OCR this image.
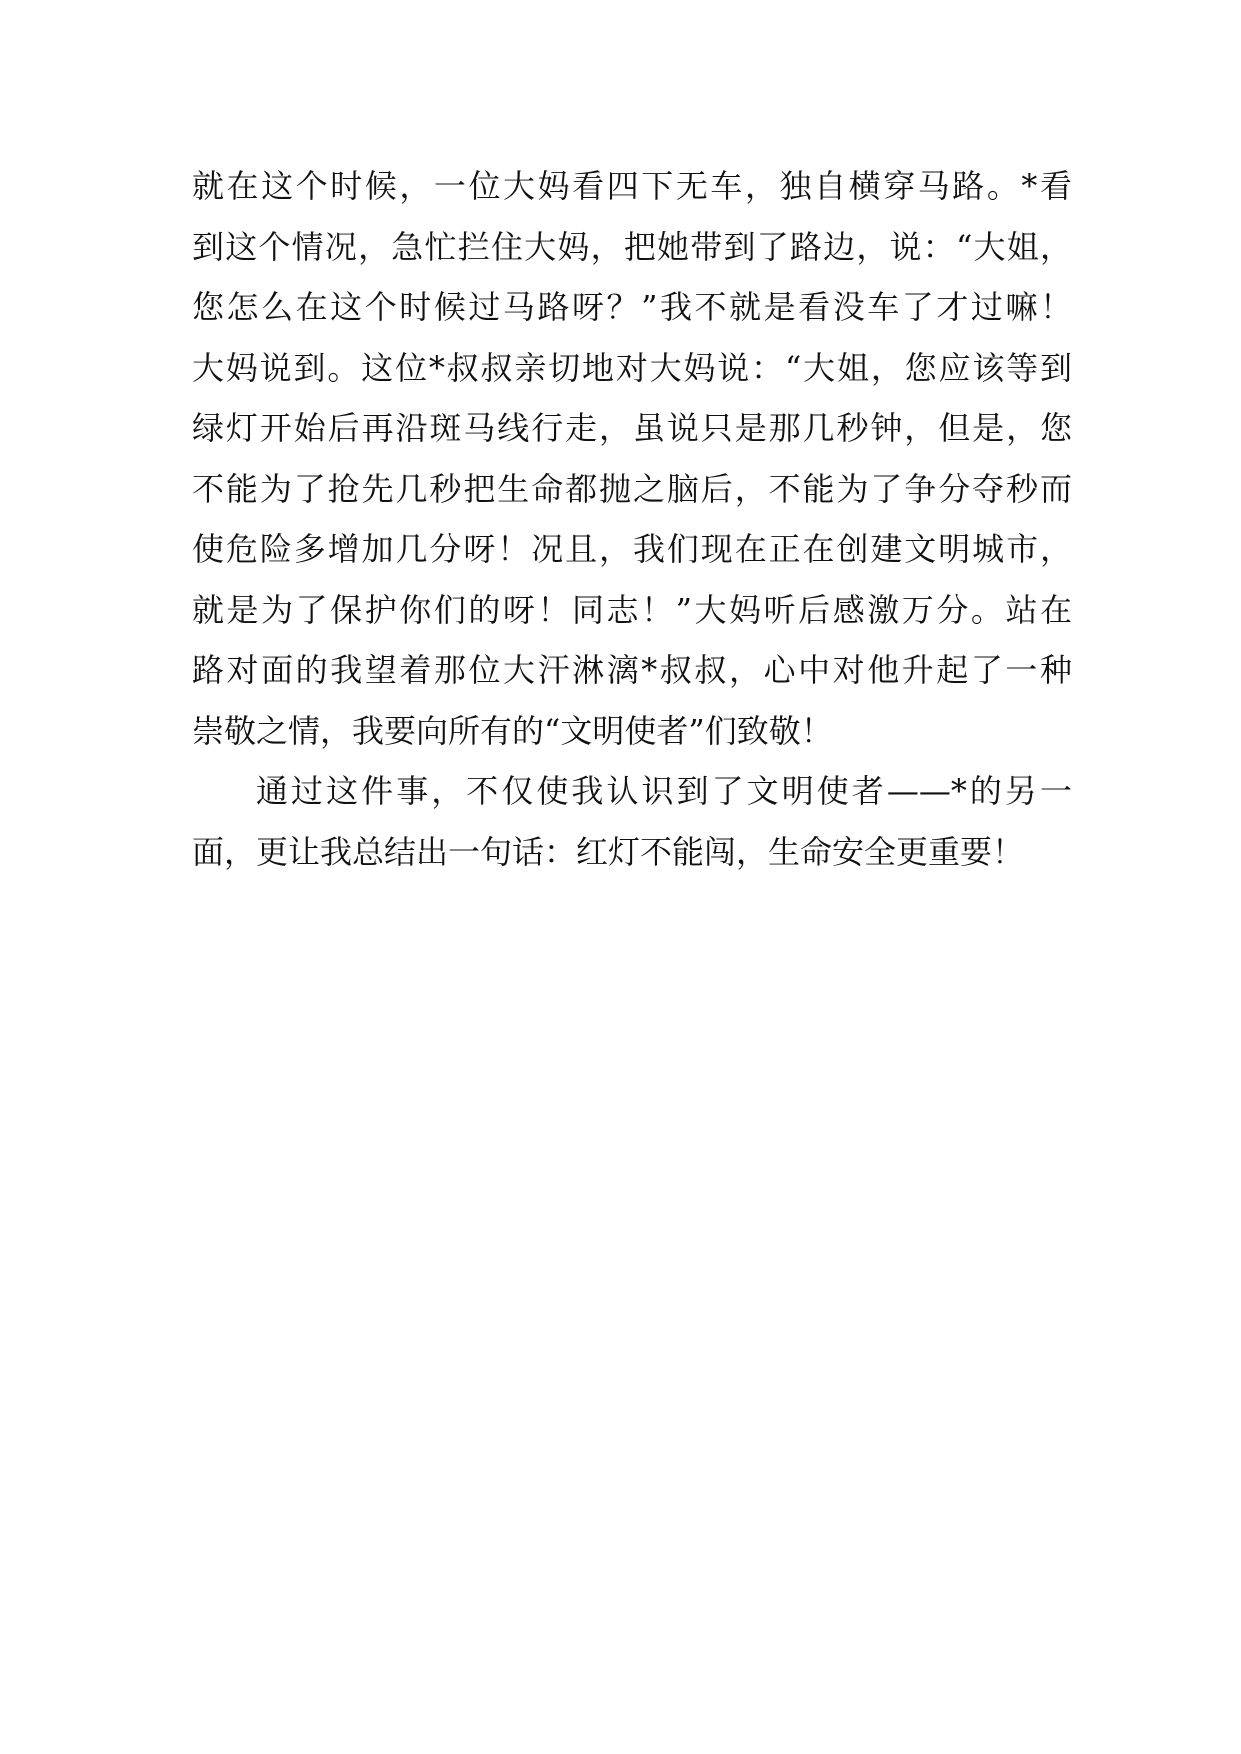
就在这个时候，一位大妈看四下无车，独自横穿马路。*看
到这个情况，急忙拦住大妈，把她带到了路边，说：“大姐，
您怎么在这个时候过马路呀？”我不就是看没车了才过嘛！
大妈说到。这位*叔叔亲切地对大妈说：“大姐，您应该等到
绿灯开始后再沿斑马线行走，虽说只是那几秒钟，但是，您
不能为了抢先几秒把生命都抛之脑后，不能为了争分夺秒而
使危险多增加几分呀！况且，我们现在正在创建文明城市，
就是为了保护你们的呀！同志！”大妈听后感激万分。站在
路对面的我望着那位大汗淋漓*叔叔，心中对他升起了一种
崇敬之情，我要向所有的“文明使者”们致敬！
通过这件事，不仅使我认识到了文明使者——*的另一
面，更让我总结出一句话：红灯不能闯，生命安全更重要！
